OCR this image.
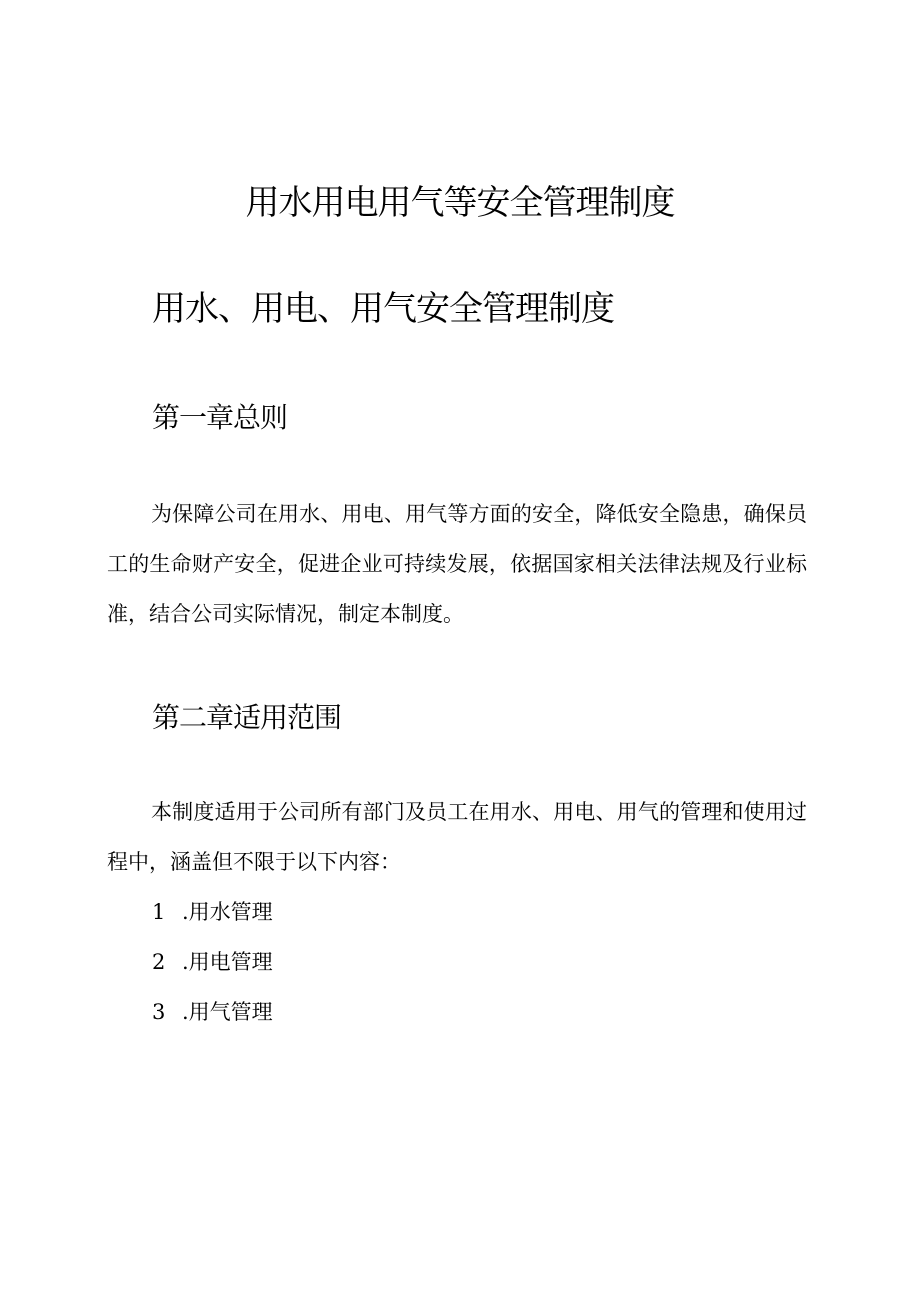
用水用电用气等安全管理制度
用水、用电、用气安全管理制度
第一章总则

为保障公司在用水、用电、用气等方面的安全，降低安全隐患，确保员工的生命财产安全，促进企业可持续发展，依据国家相关法律法规及行业标准，结合公司实际情况，制定本制度。

第二章适用范围

本制度适用于公司所有部门及员工在用水、用电、用气的管理和使用过程中，涵盖但不限于以下内容：

1 .用水管理
2 .用电管理
3 .用气管理
